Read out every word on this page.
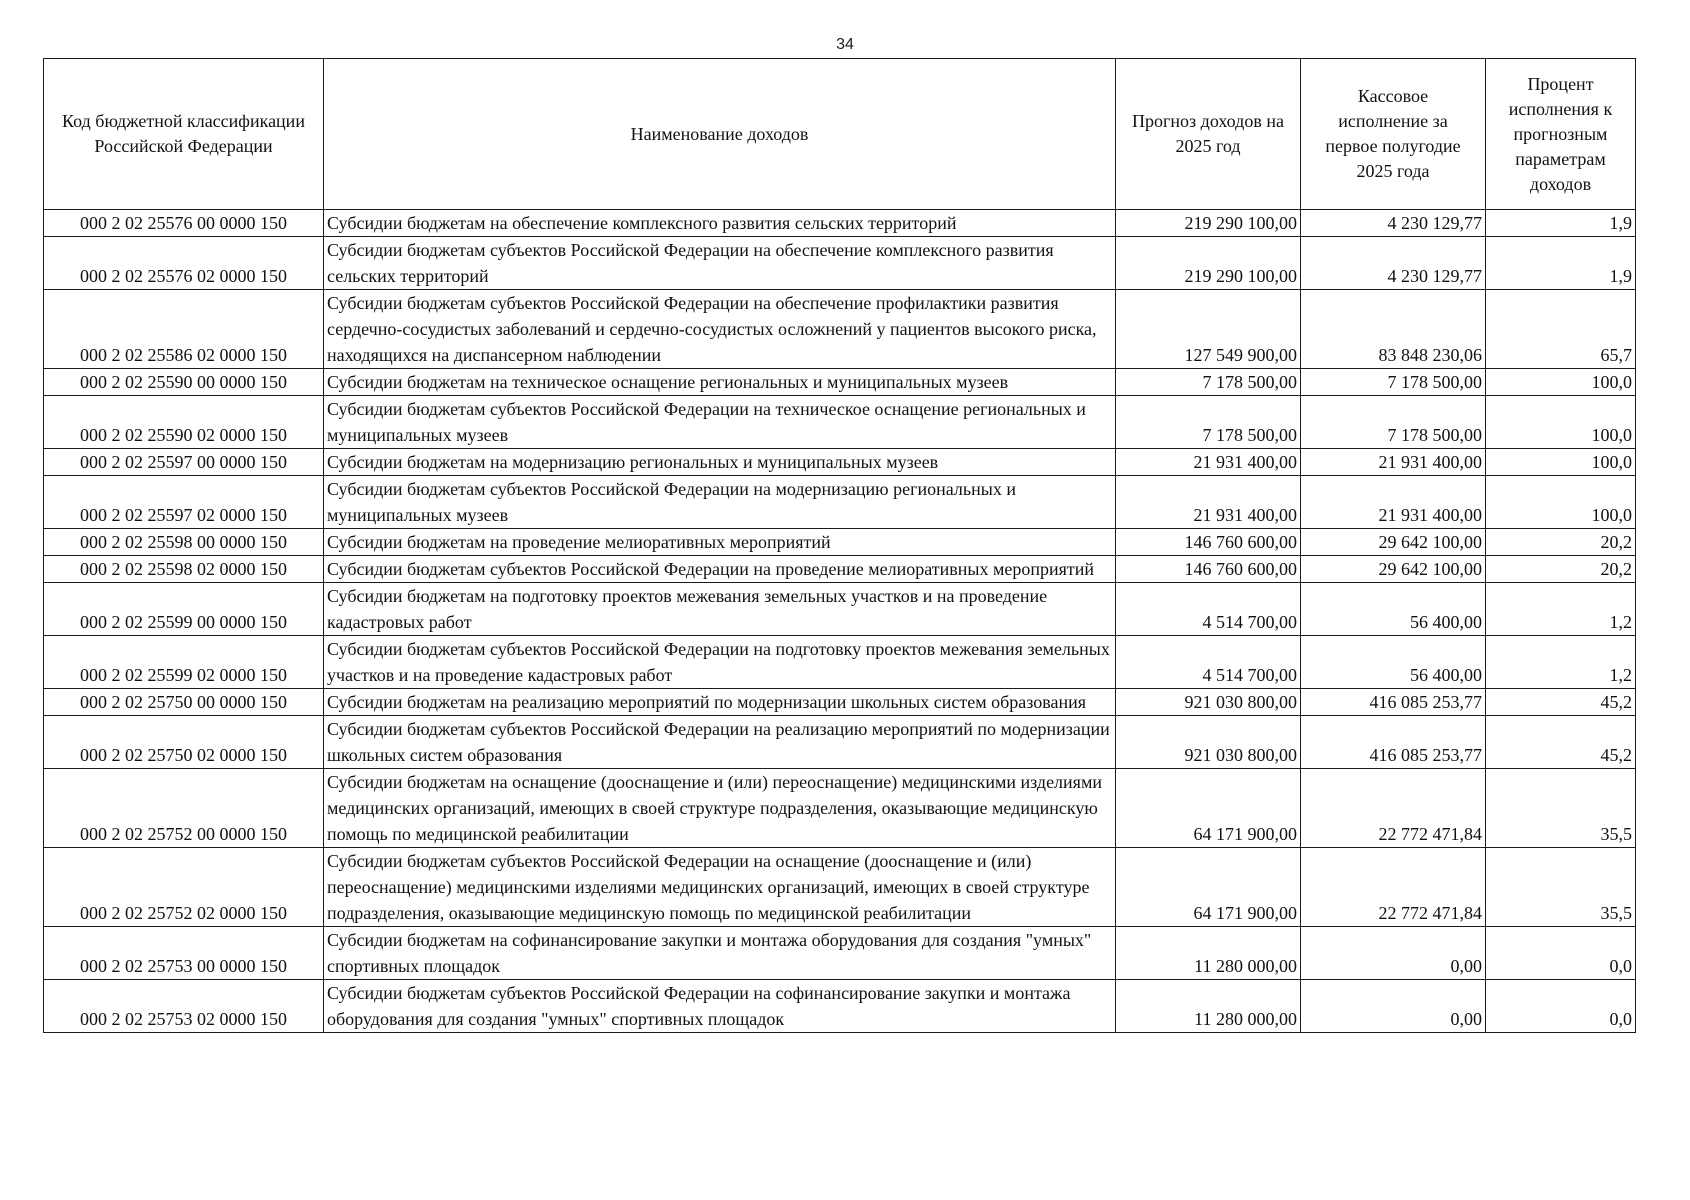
34
Код бюджетной классификации Российской Федерации	Наименование доходов	Прогноз доходов на 2025 год	Кассовое исполнение за первое полугодие 2025 года	Процент исполнения к прогнозным параметрам доходов
000 2 02 25576 00 0000 150	Субсидии бюджетам на обеспечение комплексного развития сельских территорий	219 290 100,00	4 230 129,77	1,9
000 2 02 25576 02 0000 150	Субсидии бюджетам субъектов Российской Федерации на обеспечение комплексного развития сельских территорий	219 290 100,00	4 230 129,77	1,9
000 2 02 25586 02 0000 150	Субсидии бюджетам субъектов Российской Федерации на обеспечение профилактики развития сердечно-сосудистых заболеваний и сердечно-сосудистых осложнений у пациентов высокого риска, находящихся на диспансерном наблюдении	127 549 900,00	83 848 230,06	65,7
000 2 02 25590 00 0000 150	Субсидии бюджетам на техническое оснащение региональных и муниципальных музеев	7 178 500,00	7 178 500,00	100,0
000 2 02 25590 02 0000 150	Субсидии бюджетам субъектов Российской Федерации на техническое оснащение региональных и муниципальных музеев	7 178 500,00	7 178 500,00	100,0
000 2 02 25597 00 0000 150	Субсидии бюджетам на модернизацию региональных и муниципальных музеев	21 931 400,00	21 931 400,00	100,0
000 2 02 25597 02 0000 150	Субсидии бюджетам субъектов Российской Федерации на модернизацию региональных и муниципальных музеев	21 931 400,00	21 931 400,00	100,0
000 2 02 25598 00 0000 150	Субсидии бюджетам на проведение мелиоративных мероприятий	146 760 600,00	29 642 100,00	20,2
000 2 02 25598 02 0000 150	Субсидии бюджетам субъектов Российской Федерации на проведение мелиоративных мероприятий	146 760 600,00	29 642 100,00	20,2
000 2 02 25599 00 0000 150	Субсидии бюджетам на подготовку проектов межевания земельных участков и на проведение кадастровых работ	4 514 700,00	56 400,00	1,2
000 2 02 25599 02 0000 150	Субсидии бюджетам субъектов Российской Федерации на подготовку проектов межевания земельных участков и на проведение кадастровых работ	4 514 700,00	56 400,00	1,2
000 2 02 25750 00 0000 150	Субсидии бюджетам на реализацию мероприятий по модернизации школьных систем образования	921 030 800,00	416 085 253,77	45,2
000 2 02 25750 02 0000 150	Субсидии бюджетам субъектов Российской Федерации на реализацию мероприятий по модернизации школьных систем образования	921 030 800,00	416 085 253,77	45,2
000 2 02 25752 00 0000 150	Субсидии бюджетам на оснащение (дооснащение и (или) переоснащение) медицинскими изделиями медицинских организаций, имеющих в своей структуре подразделения, оказывающие медицинскую помощь по медицинской реабилитации	64 171 900,00	22 772 471,84	35,5
000 2 02 25752 02 0000 150	Субсидии бюджетам субъектов Российской Федерации на оснащение (дооснащение и (или) переоснащение) медицинскими изделиями медицинских организаций, имеющих в своей структуре подразделения, оказывающие медицинскую помощь по медицинской реабилитации	64 171 900,00	22 772 471,84	35,5
000 2 02 25753 00 0000 150	Субсидии бюджетам на софинансирование закупки и монтажа оборудования для создания "умных" спортивных площадок	11 280 000,00	0,00	0,0
000 2 02 25753 02 0000 150	Субсидии бюджетам субъектов Российской Федерации на софинансирование закупки и монтажа оборудования для создания "умных" спортивных площадок	11 280 000,00	0,00	0,0
